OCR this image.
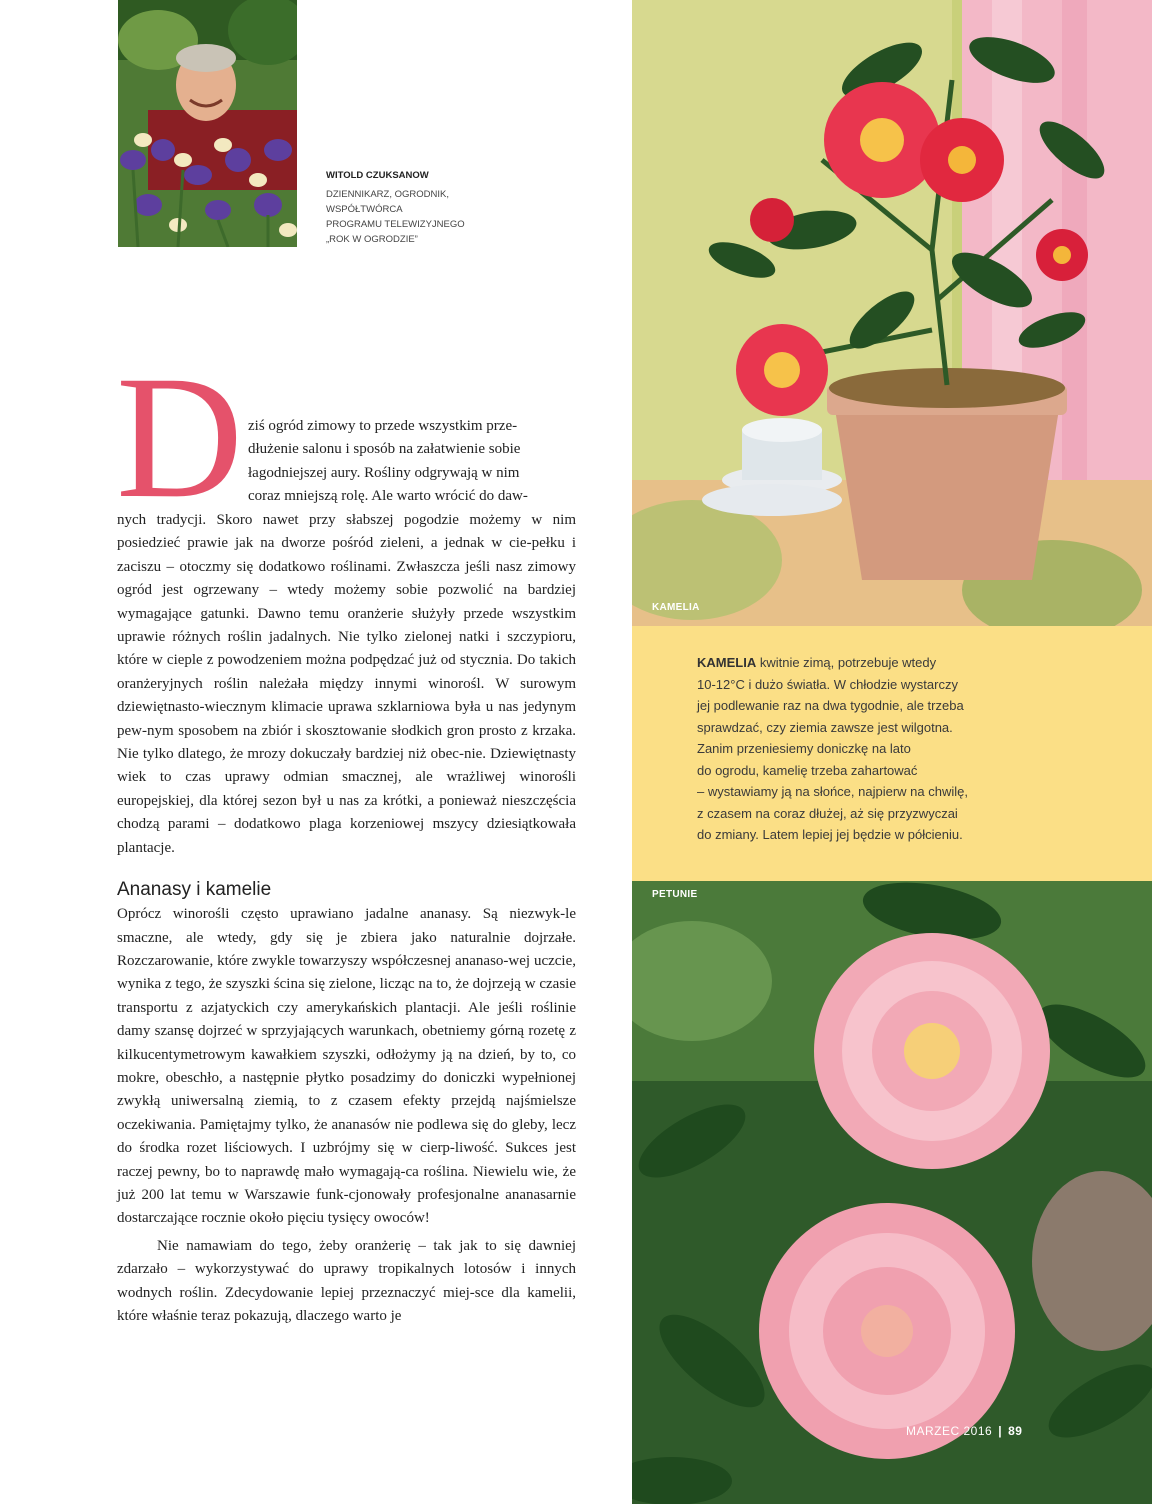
WITOLD CZUKSANOW
DZIENNIKARZ, OGRODNIK,
WSPÓŁTWÓRCA
PROGRAMU TELEWIZYJNEGO
„ROK W OGRODZIE”
D ziś ogród zimowy to przede wszystkim prze-

dłużenie salonu i sposób na załatwienie sobie

łagodniejszej aury. Rośliny odgrywają w nim

coraz mniejszą rolę. Ale warto wrócić do daw-

nych tradycji. Skoro nawet przy słabszej pogodzie możemy w nim posiedzieć prawie jak na dworze pośród zieleni, a jednak w cie-pełku i zaciszu – otoczmy się dodatkowo roślinami. Zwłaszcza jeśli nasz zimowy ogród jest ogrzewany – wtedy możemy sobie pozwolić na bardziej wymagające gatunki. Dawno temu oranżerie służyły przede wszystkim uprawie różnych roślin jadalnych. Nie tylko zielonej natki i szczypioru, które w cieple z powodzeniem można podpędzać już od stycznia. Do takich oranżeryjnych roślin należała między innymi winorośl. W surowym dziewiętnasto-wiecznym klimacie uprawa szklarniowa była u nas jedynym pew-nym sposobem na zbiór i skosztowanie słodkich gron prosto z krzaka. Nie tylko dlatego, że mrozy dokuczały bardziej niż obec-nie. Dziewiętnasty wiek to czas uprawy odmian smacznej, ale wrażliwej winorośli europejskiej, dla której sezon był u nas za krótki, a ponieważ nieszczęścia chodzą parami – dodatkowo plaga korzeniowej mszycy dziesiątkowała plantacje.

Ananasy i kamelie

Oprócz winorośli często uprawiano jadalne ananasy. Są niezwyk-le smaczne, ale wtedy, gdy się je zbiera jako naturalnie dojrzałe. Rozczarowanie, które zwykle towarzyszy współczesnej ananaso-wej uczcie, wynika z tego, że szyszki ścina się zielone, licząc na to, że dojrzeją w czasie transportu z azjatyckich czy amerykańskich plantacji. Ale jeśli roślinie damy szansę dojrzeć w sprzyjających warunkach, obetniemy górną rozetę z kilkucentymetrowym kawałkiem szyszki, odłożymy ją na dzień, by to, co mokre, obeschło, a następnie płytko posadzimy do doniczki wypełnionej zwykłą uniwersalną ziemią, to z czasem efekty przejdą najśmielsze oczekiwania. Pamiętajmy tylko, że ananasów nie podlewa się do gleby, lecz do środka rozet liściowych. I uzbrójmy się w cierp-liwość. Sukces jest raczej pewny, bo to naprawdę mało wymagają-ca roślina. Niewielu wie, że już 200 lat temu w Warszawie funk-cjonowały profesjonalne ananasarnie dostarczające rocznie około pięciu tysięcy owoców!

Nie namawiam do tego, żeby oranżerię – tak jak to się dawniej zdarzało – wykorzystywać do uprawy tropikalnych lotosów i innych wodnych roślin. Zdecydowanie lepiej przeznaczyć miej-sce dla kamelii, które właśnie teraz pokazują, dlaczego warto je

KAMELIA
KAMELIA kwitnie zimą, potrzebuje wtedy
10-12°C i dużo światła. W chłodzie wystarczy
jej podlewanie raz na dwa tygodnie, ale trzeba
sprawdzać, czy ziemia zawsze jest wilgotna.
Zanim przeniesiemy doniczkę na lato
do ogrodu, kamelię trzeba zahartować
– wystawiamy ją na słońce, najpierw na chwilę,
z czasem na coraz dłużej, aż się przyzwyczai
do zmiany. Latem lepiej jej będzie w półcieniu.
PETUNIE
MARZEC 2016 | 89
